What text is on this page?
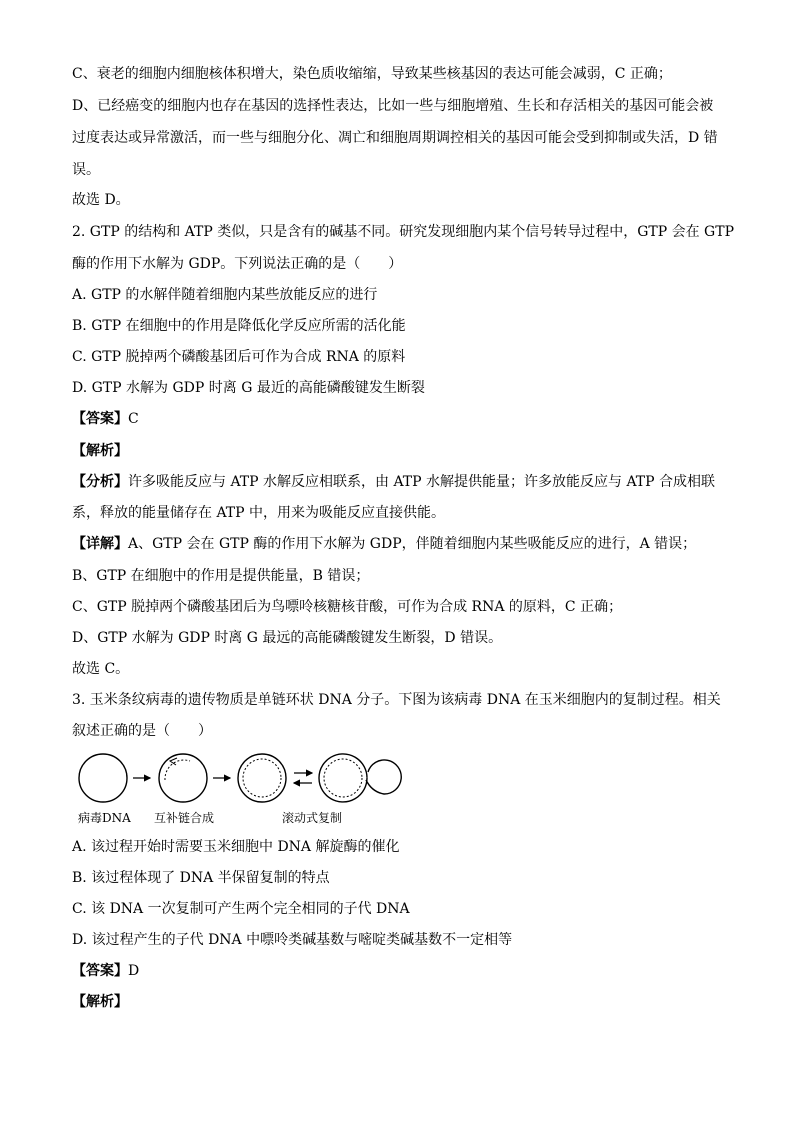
C、衰老的细胞内细胞核体积增大，染色质收缩缩，导致某些核基因的表达可能会减弱，C 正确；
D、已经癌变的细胞内也存在基因的选择性表达，比如一些与细胞增殖、生长和存活相关的基因可能会被
过度表达或异常激活，而一些与细胞分化、凋亡和细胞周期调控相关的基因可能会受到抑制或失活，D 错
误。
故选 D。
2. GTP 的结构和 ATP 类似，只是含有的碱基不同。研究发现细胞内某个信号转导过程中，GTP 会在 GTP
酶的作用下水解为 GDP。下列说法正确的是（　　）
A. GTP 的水解伴随着细胞内某些放能反应的进行
B. GTP 在细胞中的作用是降低化学反应所需的活化能
C. GTP 脱掉两个磷酸基团后可作为合成 RNA 的原料
D. GTP 水解为 GDP 时离 G 最近的高能磷酸键发生断裂
【答案】C
【解析】
【分析】许多吸能反应与 ATP 水解反应相联系，由 ATP 水解提供能量；许多放能反应与 ATP 合成相联
系，释放的能量储存在 ATP 中，用来为吸能反应直接供能。
【详解】A、GTP 会在 GTP 酶的作用下水解为 GDP，伴随着细胞内某些吸能反应的进行，A 错误；
B、GTP 在细胞中的作用是提供能量，B 错误；
C、GTP 脱掉两个磷酸基团后为鸟嘌呤核糖核苷酸，可作为合成 RNA 的原料，C 正确；
D、GTP 水解为 GDP 时离 G 最远的高能磷酸键发生断裂，D 错误。
故选 C。
3. 玉米条纹病毒的遗传物质是单链环状 DNA 分子。下图为该病毒 DNA 在玉米细胞内的复制过程。相关
叙述正确的是（　　）
病毒DNA 互补链合成	滚动式复制
A. 该过程开始时需要玉米细胞中 DNA 解旋酶的催化
B. 该过程体现了 DNA 半保留复制的特点
C. 该 DNA 一次复制可产生两个完全相同的子代 DNA
D. 该过程产生的子代 DNA 中嘌呤类碱基数与嘧啶类碱基数不一定相等
【答案】D
【解析】
